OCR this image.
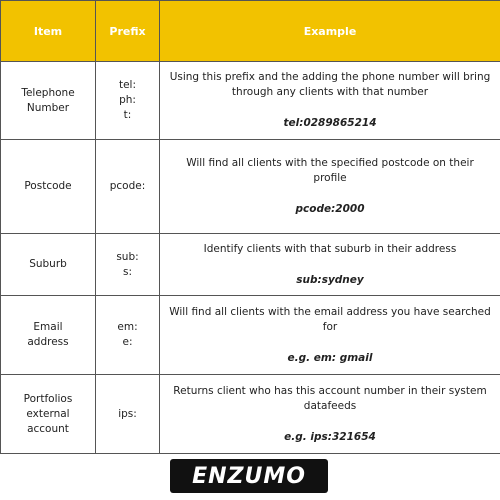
Item	Prefix	Example

Telephone
Number	tel:
ph:
t:	Using this prefix and the adding the phone number will bring through any clients with that number
tel:0289865214

Postcode	pcode:	Will find all clients with the specified postcode on their profile
pcode:2000

Suburb	sub:
s:	Identify clients with that suburb in their address
sub:sydney

Email
address	em:
e:	Will find all clients with the email address you have searched for
e.g. em: gmail

Portfolios
external
account	ips:	Returns client who has this account number in their system datafeeds
e.g. ips:321654
ENZUMO
